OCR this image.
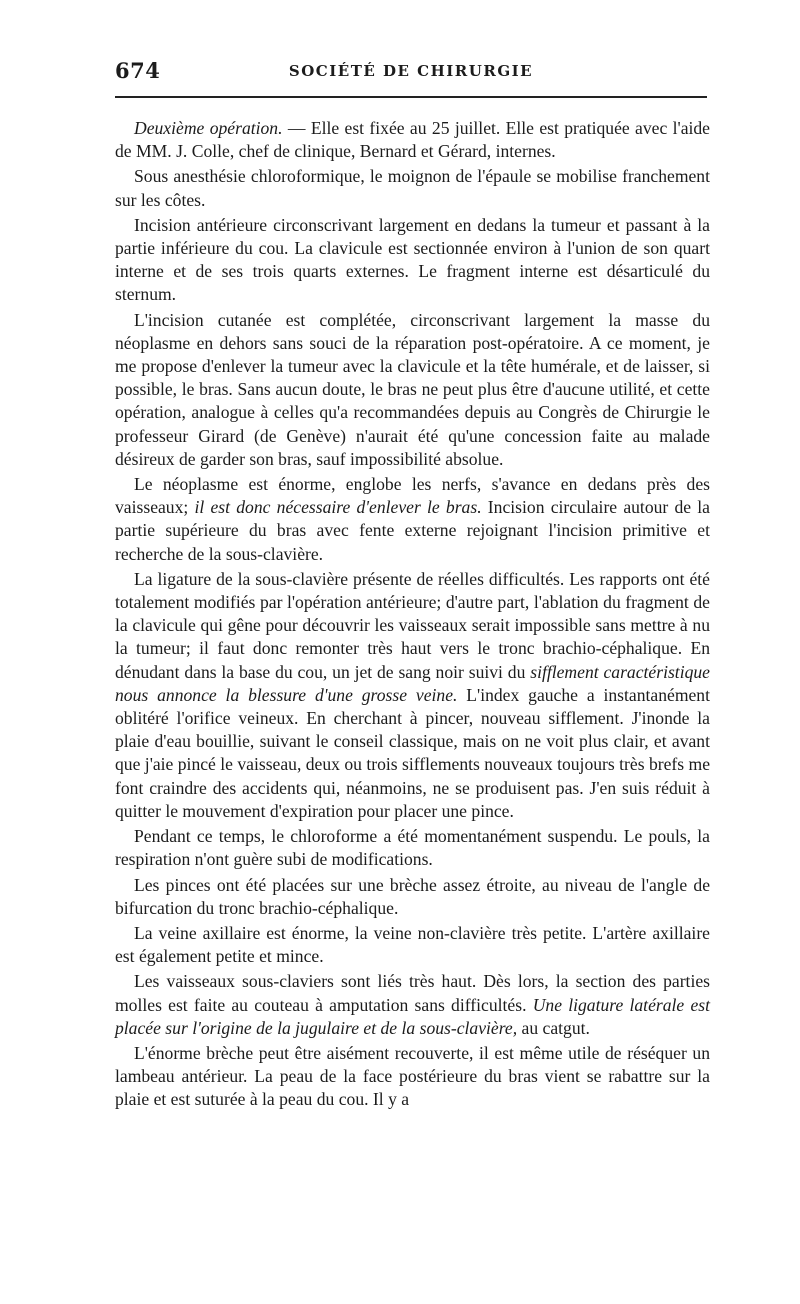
674	SOCIÉTÉ DE CHIRURGIE

Deuxième opération. — Elle est fixée au 25 juillet. Elle est pratiquée avec l'aide de MM. J. Colle, chef de clinique, Bernard et Gérard, internes.

Sous anesthésie chloroformique, le moignon de l'épaule se mobilise franchement sur les côtes.

Incision antérieure circonscrivant largement en dedans la tumeur et passant à la partie inférieure du cou. La clavicule est sectionnée environ à l'union de son quart interne et de ses trois quarts externes. Le fragment interne est désarticulé du sternum.

L'incision cutanée est complétée, circonscrivant largement la masse du néoplasme en dehors sans souci de la réparation post-opératoire. A ce moment, je me propose d'enlever la tumeur avec la clavicule et la tête humérale, et de laisser, si possible, le bras. Sans aucun doute, le bras ne peut plus être d'aucune utilité, et cette opération, analogue à celles qu'a recommandées depuis au Congrès de Chirurgie le professeur Girard (de Genève) n'aurait été qu'une concession faite au malade désireux de garder son bras, sauf impossibilité absolue.

Le néoplasme est énorme, englobe les nerfs, s'avance en dedans près des vaisseaux; il est donc nécessaire d'enlever le bras. Incision circulaire autour de la partie supérieure du bras avec fente externe rejoignant l'incision primitive et recherche de la sous-clavière.

La ligature de la sous-clavière présente de réelles difficultés. Les rapports ont été totalement modifiés par l'opération antérieure; d'autre part, l'ablation du fragment de la clavicule qui gêne pour découvrir les vaisseaux serait impossible sans mettre à nu la tumeur; il faut donc remonter très haut vers le tronc brachio-céphalique. En dénudant dans la base du cou, un jet de sang noir suivi du sifflement caractéristique nous annonce la blessure d'une grosse veine. L'index gauche a instantanément oblitéré l'orifice veineux. En cherchant à pincer, nouveau sifflement. J'inonde la plaie d'eau bouillie, suivant le conseil classique, mais on ne voit plus clair, et avant que j'aie pincé le vaisseau, deux ou trois sifflements nouveaux toujours très brefs me font craindre des accidents qui, néanmoins, ne se produisent pas. J'en suis réduit à quitter le mouvement d'expiration pour placer une pince.

Pendant ce temps, le chloroforme a été momentanément suspendu. Le pouls, la respiration n'ont guère subi de modifications.

Les pinces ont été placées sur une brèche assez étroite, au niveau de l'angle de bifurcation du tronc brachio-céphalique.

La veine axillaire est énorme, la veine non-clavière très petite. L'artère axillaire est également petite et mince.

Les vaisseaux sous-claviers sont liés très haut. Dès lors, la section des parties molles est faite au couteau à amputation sans difficultés. Une ligature latérale est placée sur l'origine de la jugulaire et de la sous-clavière, au catgut.

L'énorme brèche peut être aisément recouverte, il est même utile de réséquer un lambeau antérieur. La peau de la face postérieure du bras vient se rabattre sur la plaie et est suturée à la peau du cou. Il y a
